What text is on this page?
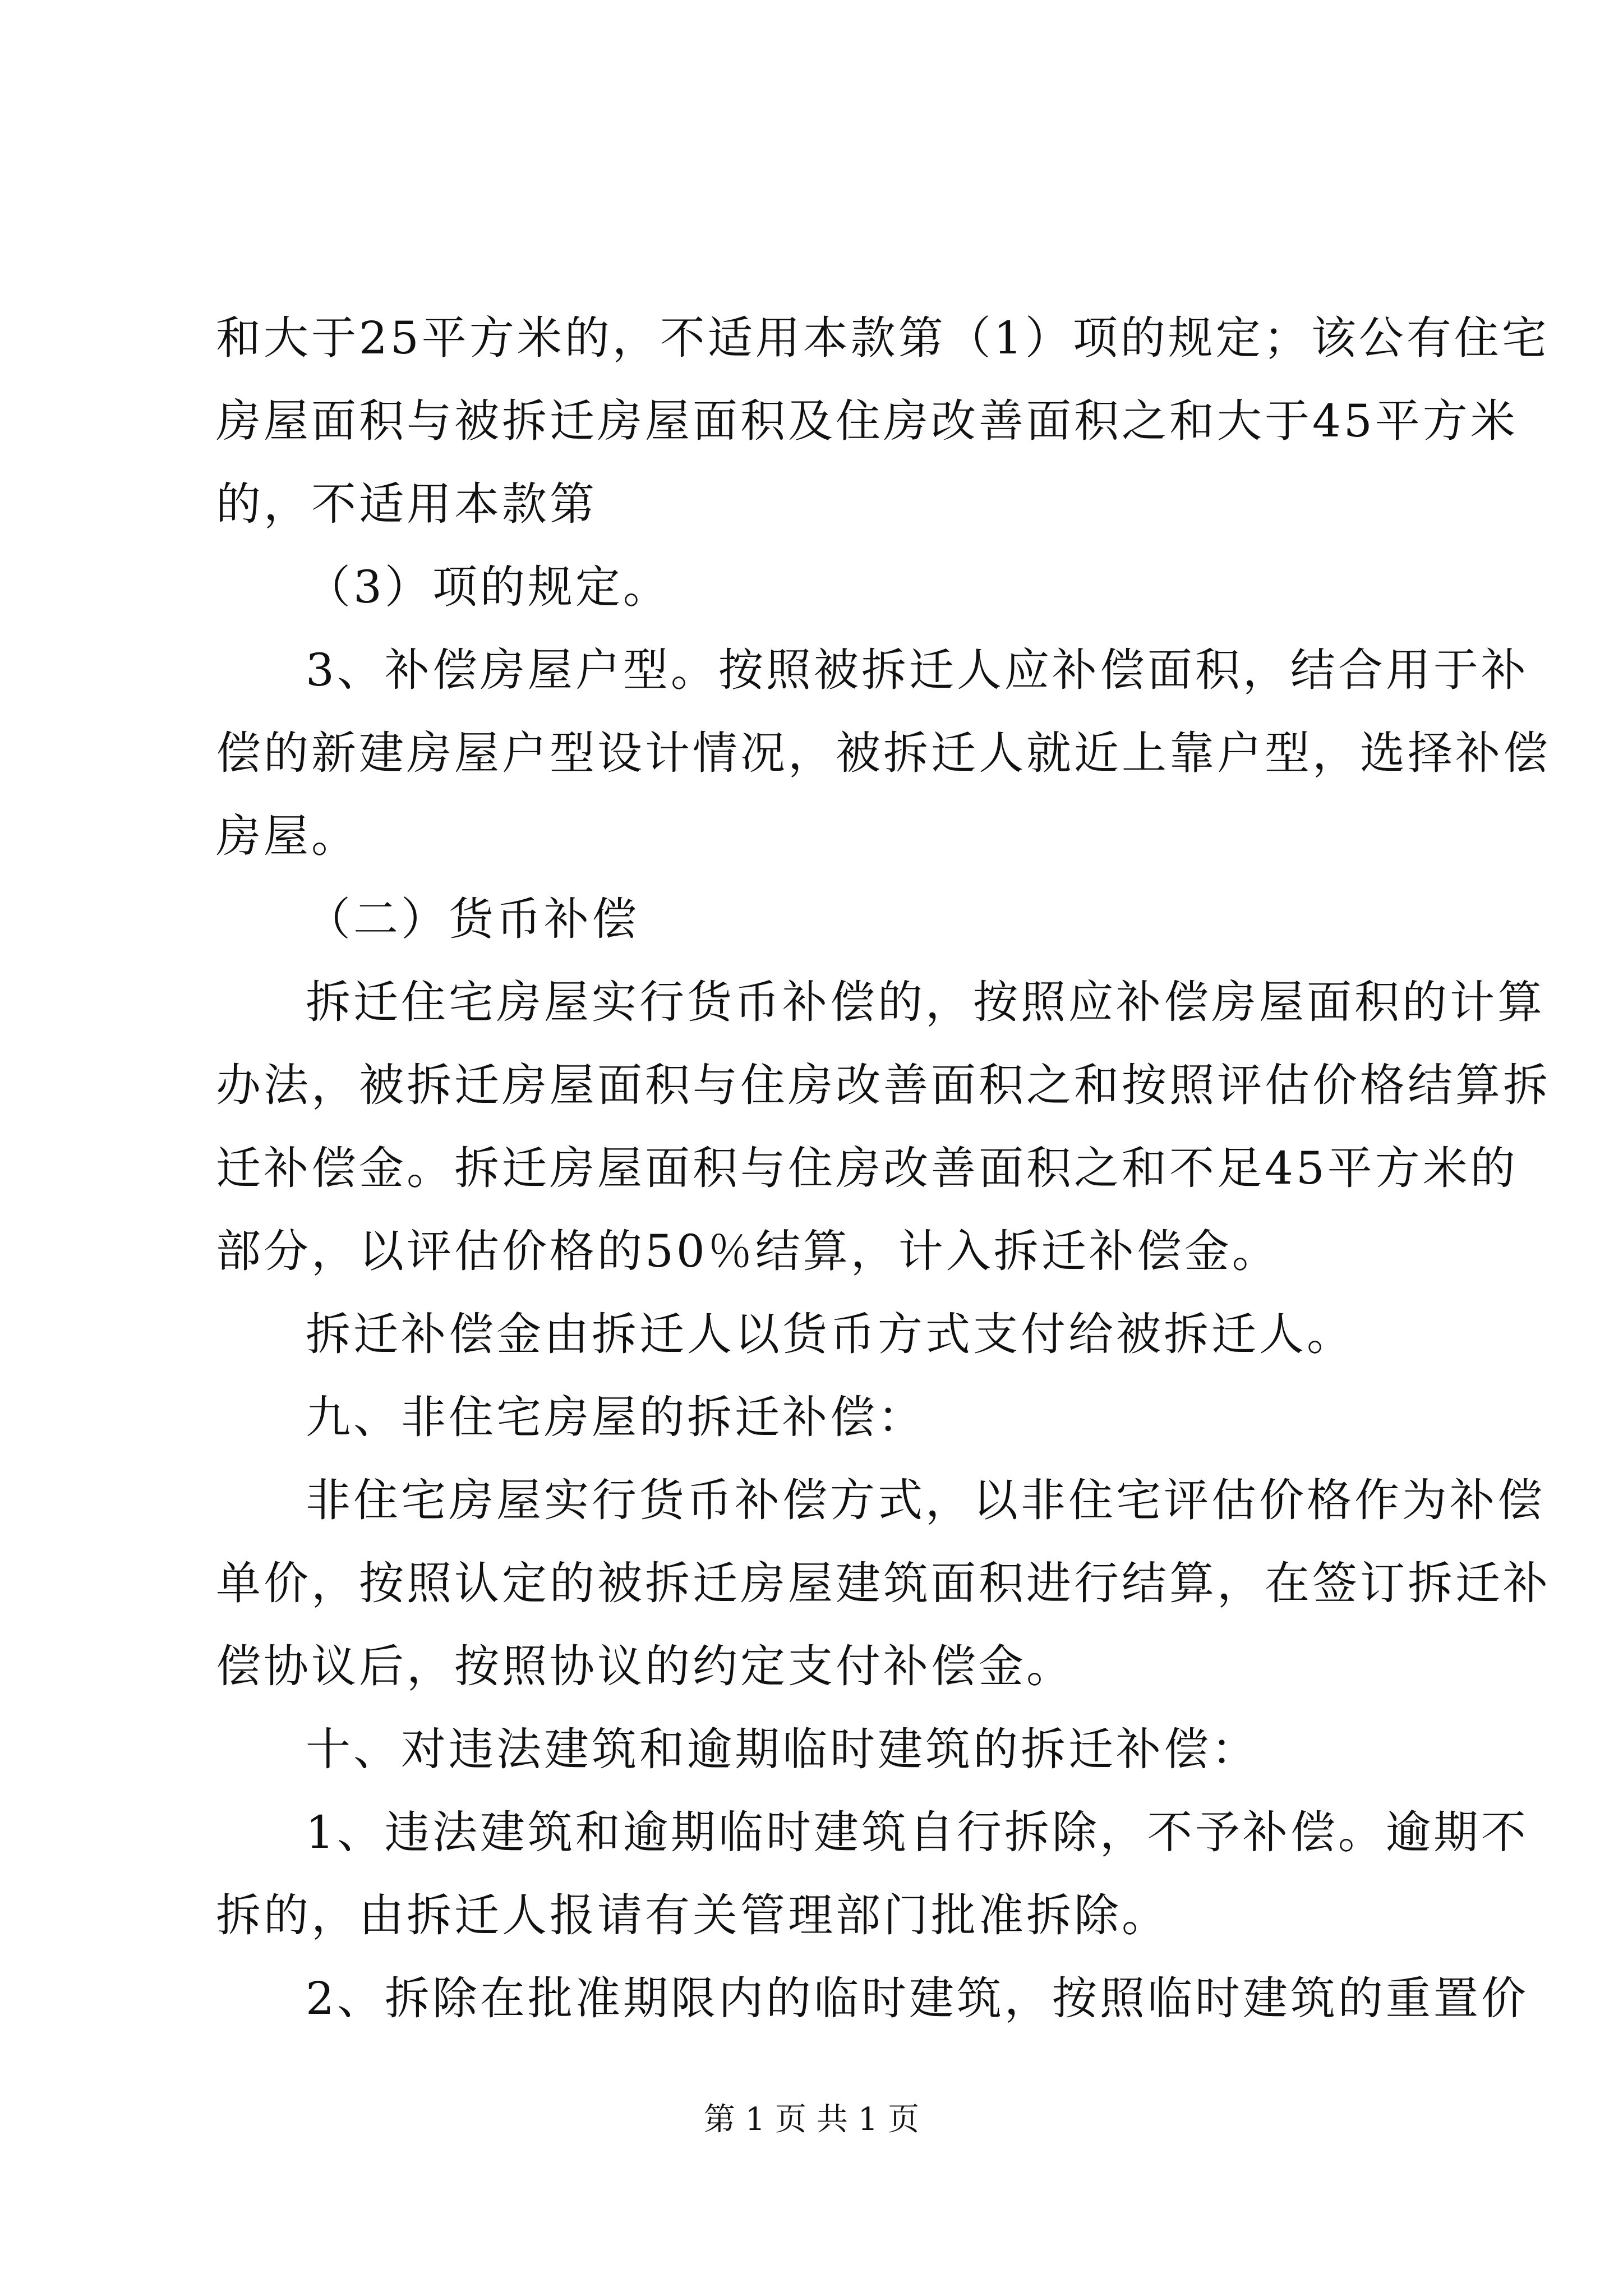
和大于25平方米的，不适用本款第（1）项的规定；该公有住宅
房屋面积与被拆迁房屋面积及住房改善面积之和大于45平方米
的，不适用本款第
（3）项的规定。
3、补偿房屋户型。按照被拆迁人应补偿面积，结合用于补
偿的新建房屋户型设计情况，被拆迁人就近上靠户型，选择补偿
房屋。
（二）货币补偿
拆迁住宅房屋实行货币补偿的，按照应补偿房屋面积的计算
办法，被拆迁房屋面积与住房改善面积之和按照评估价格结算拆
迁补偿金。拆迁房屋面积与住房改善面积之和不足45平方米的
部分，以评估价格的50％结算，计入拆迁补偿金。
拆迁补偿金由拆迁人以货币方式支付给被拆迁人。
九、非住宅房屋的拆迁补偿：
非住宅房屋实行货币补偿方式，以非住宅评估价格作为补偿
单价，按照认定的被拆迁房屋建筑面积进行结算，在签订拆迁补
偿协议后，按照协议的约定支付补偿金。
十、对违法建筑和逾期临时建筑的拆迁补偿：
1、违法建筑和逾期临时建筑自行拆除，不予补偿。逾期不
拆的，由拆迁人报请有关管理部门批准拆除。
2、拆除在批准期限内的临时建筑，按照临时建筑的重置价
第 1 页 共 1 页
